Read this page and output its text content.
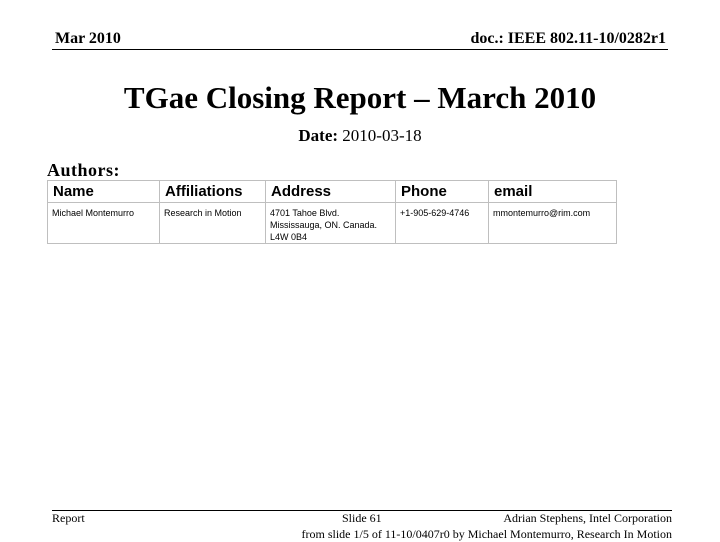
Mar 2010	doc.: IEEE 802.11-10/0282r1
TGae Closing Report – March 2010
Date: 2010-03-18
Authors:
Name	Affiliations	Address	Phone	email
Michael Montemurro	Research in Motion	4701 Tahoe Blvd.
Mississauga, ON. Canada.
L4W 0B4	+1-905-629-4746	mmontemurro@rim.com
Report	Slide 61	Adrian Stephens, Intel Corporation
from slide 1/5 of 11-10/0407r0 by Michael Montemurro, Research In Motion
